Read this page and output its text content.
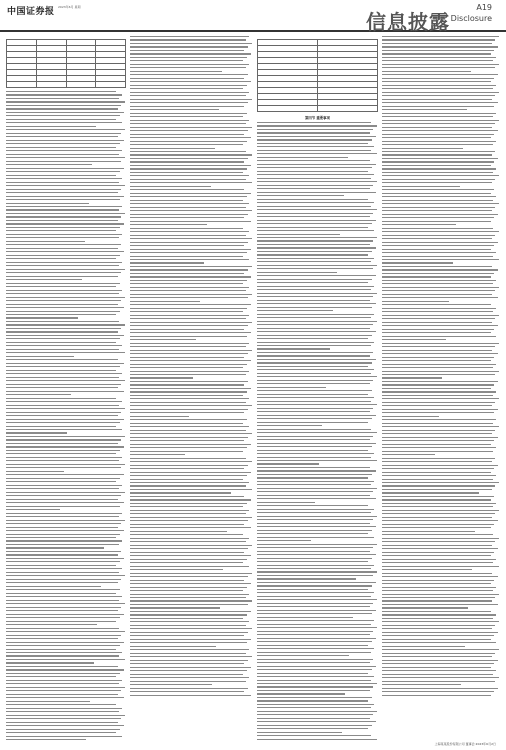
中国证券报 2023年6月 星期
信息披露
A19
Disclosure

第四节 重要事项
上海某某股份有限公司 董事会 2023年6月2日
